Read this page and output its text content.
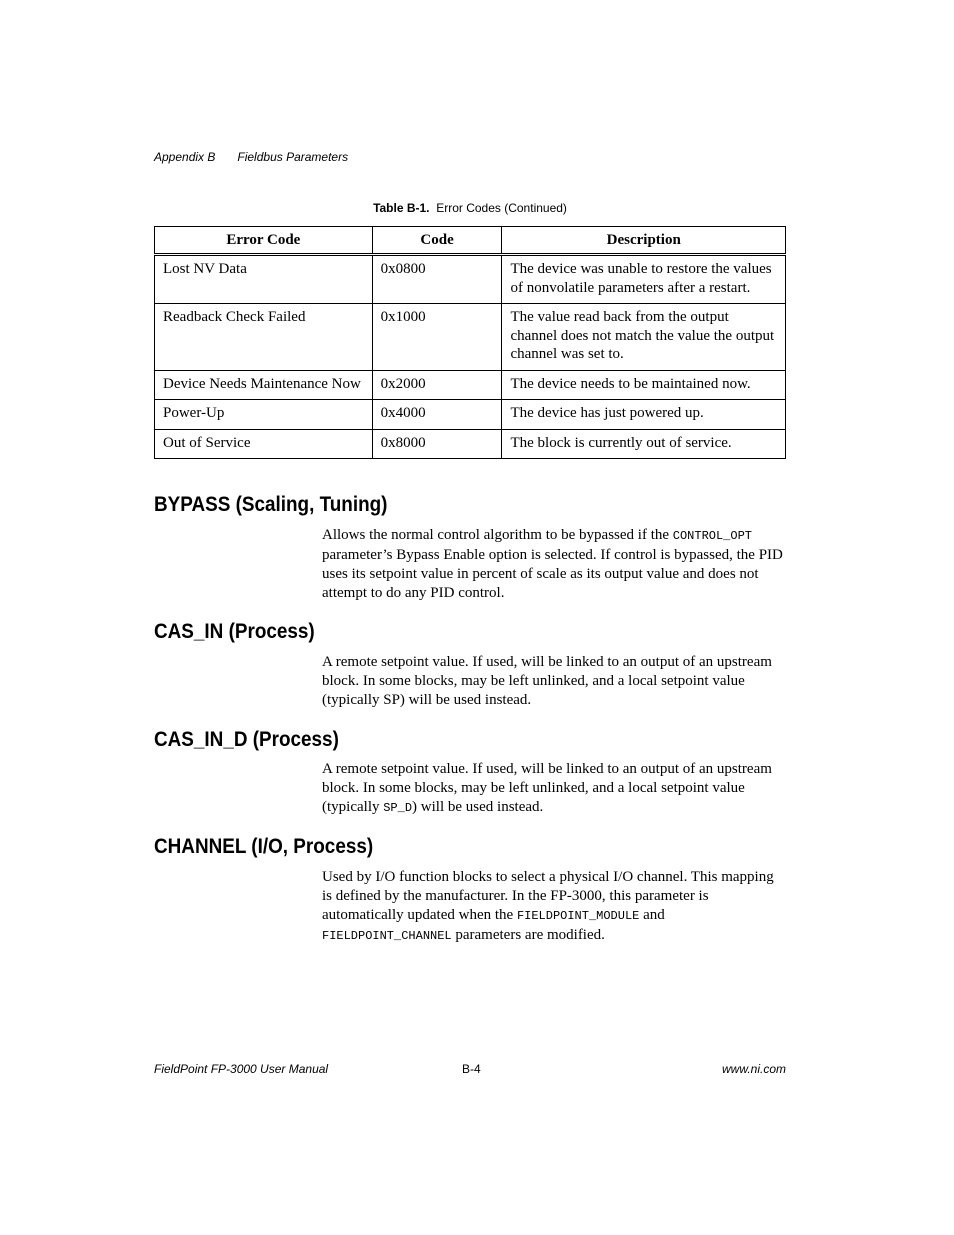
Appendix B Fieldbus Parameters
Table B-1. Error Codes (Continued)
Error Code	Code	Description
Lost NV Data	0x0800	The device was unable to restore the values of nonvolatile parameters after a restart.
Readback Check Failed	0x1000	The value read back from the output channel does not match the value the output channel was set to.
Device Needs Maintenance Now	0x2000	The device needs to be maintained now.
Power-Up	0x4000	The device has just powered up.
Out of Service	0x8000	The block is currently out of service.
BYPASS (Scaling, Tuning)

Allows the normal control algorithm to be bypassed if the CONTROL_OPT parameter’s Bypass Enable option is selected. If control is bypassed, the PID uses its setpoint value in percent of scale as its output value and does not attempt to do any PID control.

CAS_IN (Process)

A remote setpoint value. If used, will be linked to an output of an upstream block. In some blocks, may be left unlinked, and a local setpoint value (typically SP) will be used instead.

CAS_IN_D (Process)

A remote setpoint value. If used, will be linked to an output of an upstream block. In some blocks, may be left unlinked, and a local setpoint value (typically SP_D) will be used instead.

CHANNEL (I/O, Process)

Used by I/O function blocks to select a physical I/O channel. This mapping is defined by the manufacturer. In the FP-3000, this parameter is automatically updated when the FIELDPOINT_MODULE and FIELDPOINT_CHANNEL parameters are modified.

FieldPoint FP-3000 User Manual	B-4	www.ni.com
